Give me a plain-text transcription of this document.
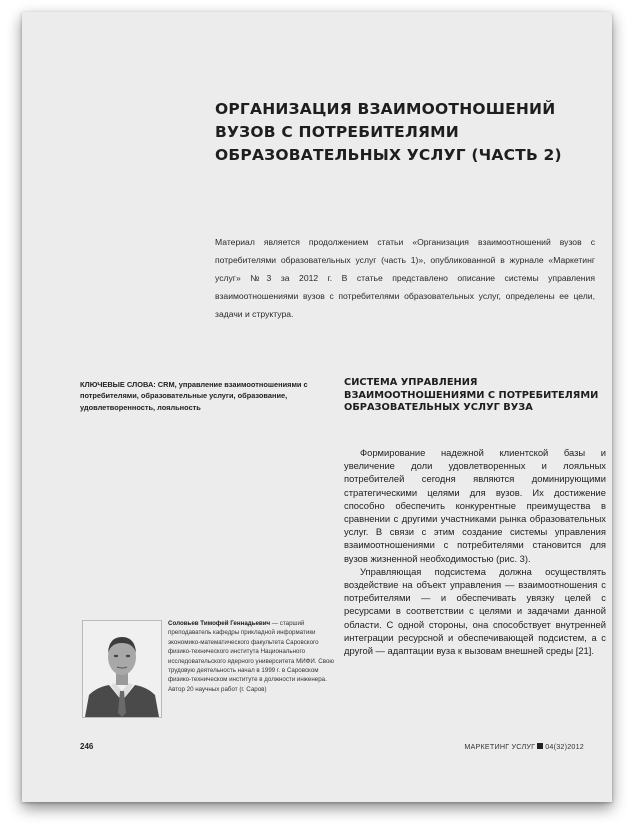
ОРГАНИЗАЦИЯ ВЗАИМООТНОШЕНИЙ ВУЗОВ С ПОТРЕБИТЕЛЯМИ ОБРАЗОВАТЕЛЬНЫХ УСЛУГ (ЧАСТЬ 2)

Материал является продолжением статьи «Организация взаимоотношений вузов с потребителями образовательных услуг (часть 1)», опубликованной в журнале «Маркетинг услуг» №3 за 2012 г. В статье представлено описание системы управления взаимоотношениями вузов с потребителями образовательных услуг, определены ее цели, задачи и структура.

КЛЮЧЕВЫЕ СЛОВА: CRM, управление взаимоотношениями с потребителями, образовательные услуги, образование, удовлетворенность, лояльность

СИСТЕМА УПРАВЛЕНИЯ ВЗАИМООТНОШЕНИЯМИ С ПОТРЕБИТЕЛЯМИ ОБРАЗОВАТЕЛЬНЫХ УСЛУГ ВУЗА

Формирование надежной клиентской базы и увеличение доли удовлетворенных и лояльных потребителей сегодня являются доминирующими стратегическими целями для вузов. Их достижение способно обеспечить конкурентные преимущества в сравнении с другими участниками рынка образовательных услуг. В связи с этим создание системы управления взаимоотношениями с потребителями становится для вузов жизненной необходимостью (рис. 3).

Управляющая подсистема должна осуществлять воздействие на объект управления — взаимоотношения с потребителями — и обеспечивать увязку целей с ресурсами в соответствии с целями и задачами данной области. С одной стороны, она способствует внутренней интеграции ресурсной и обеспечивающей подсистем, а с другой — адаптации вуза к вызовам внешней среды [21].

Соловьев Тимофей Геннадьевич — старший преподаватель кафедры прикладной информатики экономико-математического факультета Саровского физико-технического института Национального исследовательского ядерного университета МИФИ. Свою трудовую деятельность начал в 1999 г. в Саровском физико-техническом институте в должности инженера. Автор 20 научных работ (г. Саров)

246	МАРКЕТИНГ УСЛУГ 04(32)2012
